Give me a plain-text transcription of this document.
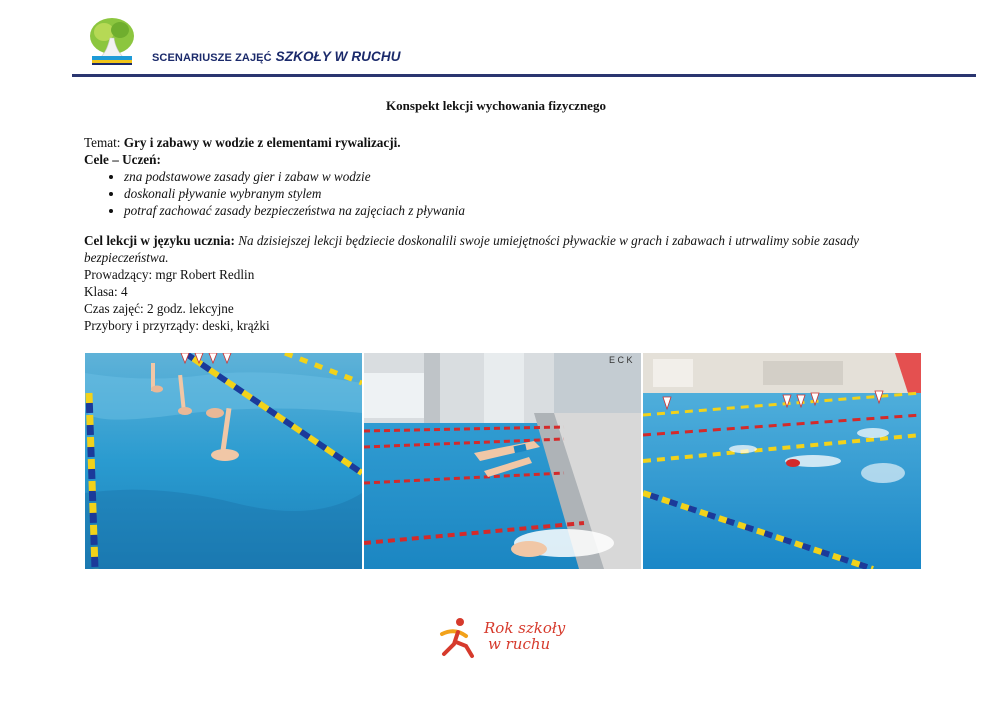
SCENARIUSZE ZAJĘĆ SZKOŁY W RUCHU
Konspekt lekcji wychowania fizycznego

Temat: Gry i zabawy w wodzie z elementami rywalizacji.

Cele – Uczeń:

• zna podstawowe zasady gier i zabaw w wodzie
• doskonali pływanie wybranym stylem
• potraf zachować zasady bezpieczeństwa na zajęciach z pływania

Cel lekcji w języku ucznia: Na dzisiejszej lekcji będziecie doskonalili swoje umiejętności pływackie w grach i zabawach i utrwalimy sobie zasady bezpieczeństwa.

Prowadzący: mgr Robert Redlin

Klasa: 4

Czas zajęć: 2 godz. lekcyjne

Przybory i przyrządy: deski, krążki

E C K
Rok szkoły
w ruchu
